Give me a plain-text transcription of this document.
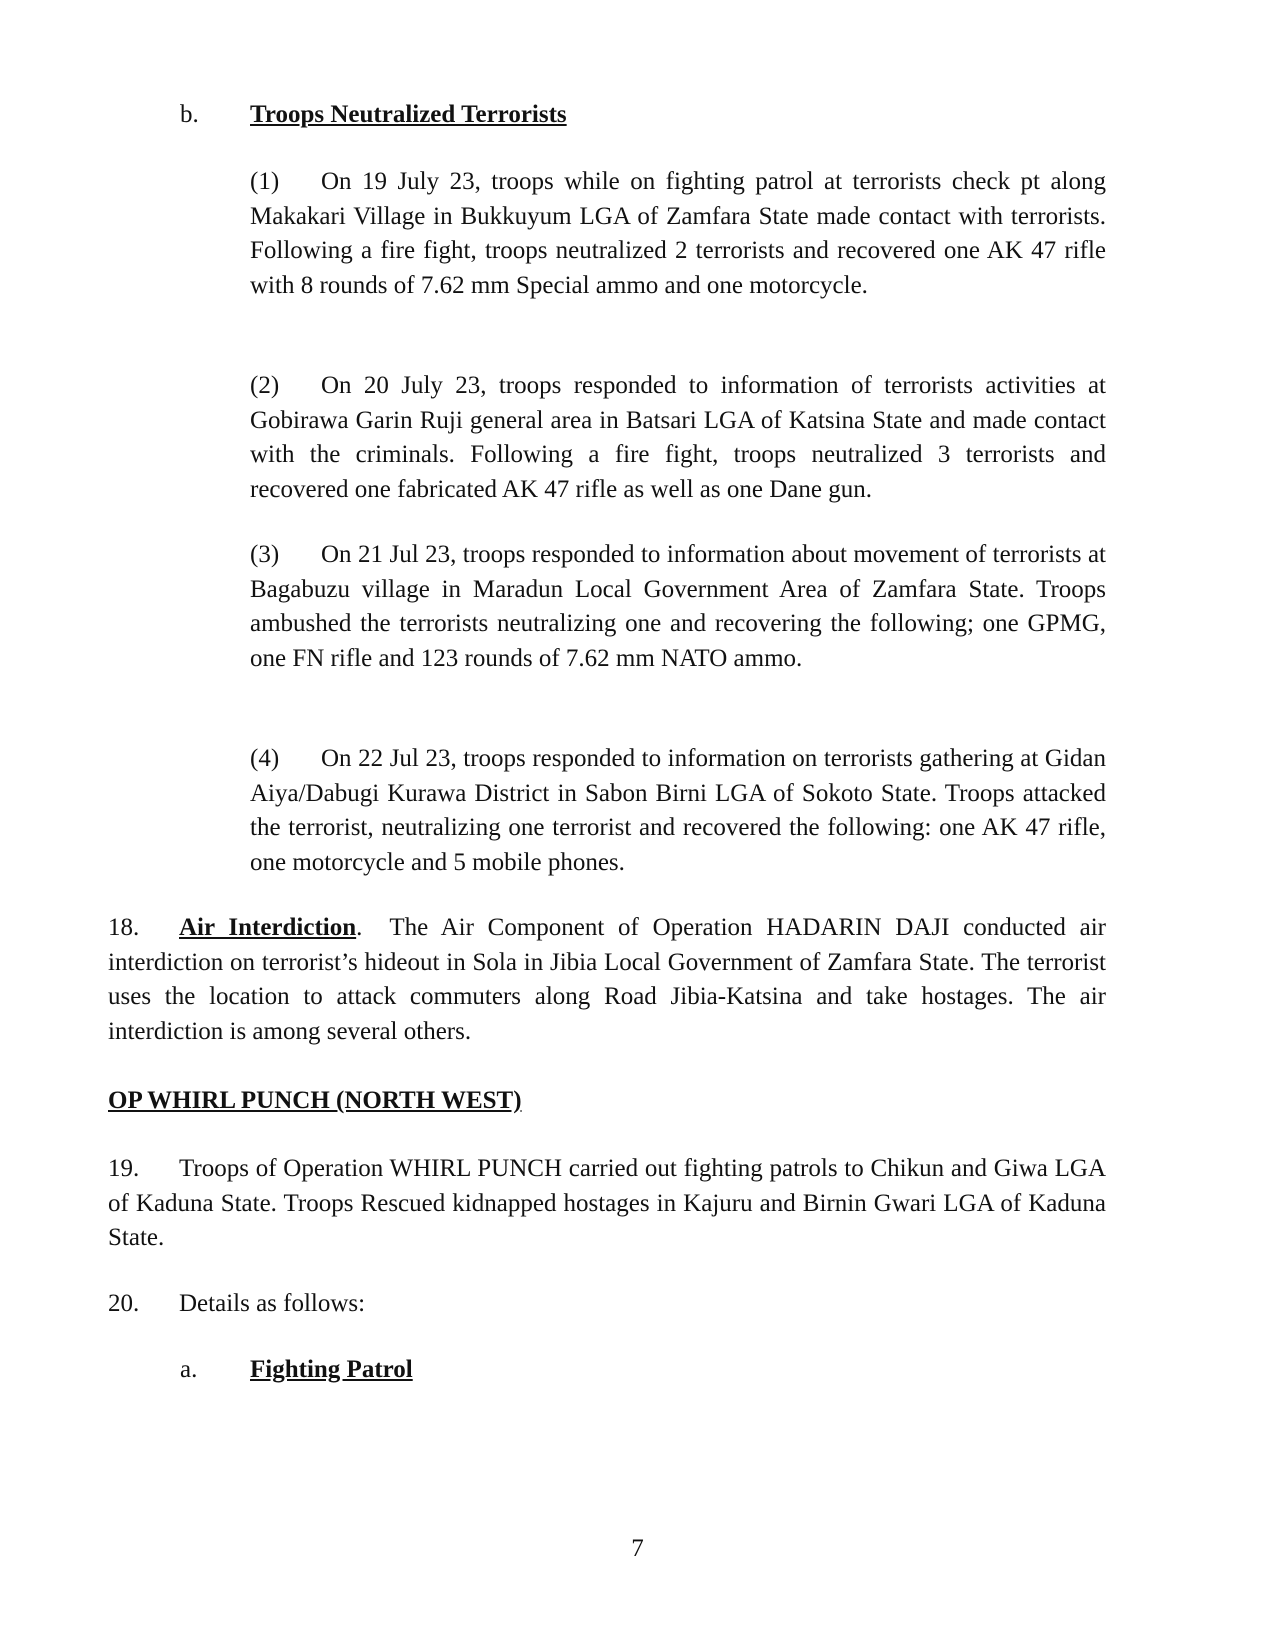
b. Troops Neutralized Terrorists

(1) On 19 July 23, troops while on fighting patrol at terrorists check pt along Makakari Village in Bukkuyum LGA of Zamfara State made contact with terrorists. Following a fire fight, troops neutralized 2 terrorists and recovered one AK 47 rifle with 8 rounds of 7.62 mm Special ammo and one motorcycle.

(2) On 20 July 23, troops responded to information of terrorists activities at Gobirawa Garin Ruji general area in Batsari LGA of Katsina State and made contact with the criminals. Following a fire fight, troops neutralized 3 terrorists and recovered one fabricated AK 47 rifle as well as one Dane gun.

(3) On 21 Jul 23, troops responded to information about movement of terrorists at Bagabuzu village in Maradun Local Government Area of Zamfara State. Troops ambushed the terrorists neutralizing one and recovering the following; one GPMG, one FN rifle and 123 rounds of 7.62 mm NATO ammo.

(4) On 22 Jul 23, troops responded to information on terrorists gathering at Gidan Aiya/Dabugi Kurawa District in Sabon Birni LGA of Sokoto State. Troops attacked the terrorist, neutralizing one terrorist and recovered the following: one AK 47 rifle, one motorcycle and 5 mobile phones.

18. Air Interdiction. The Air Component of Operation HADARIN DAJI conducted air interdiction on terrorist’s hideout in Sola in Jibia Local Government of Zamfara State. The terrorist uses the location to attack commuters along Road Jibia-Katsina and take hostages. The air interdiction is among several others.

OP WHIRL PUNCH (NORTH WEST)

19. Troops of Operation WHIRL PUNCH carried out fighting patrols to Chikun and Giwa LGA of Kaduna State. Troops Rescued kidnapped hostages in Kajuru and Birnin Gwari LGA of Kaduna State.

20. Details as follows:

a. Fighting Patrol
7
